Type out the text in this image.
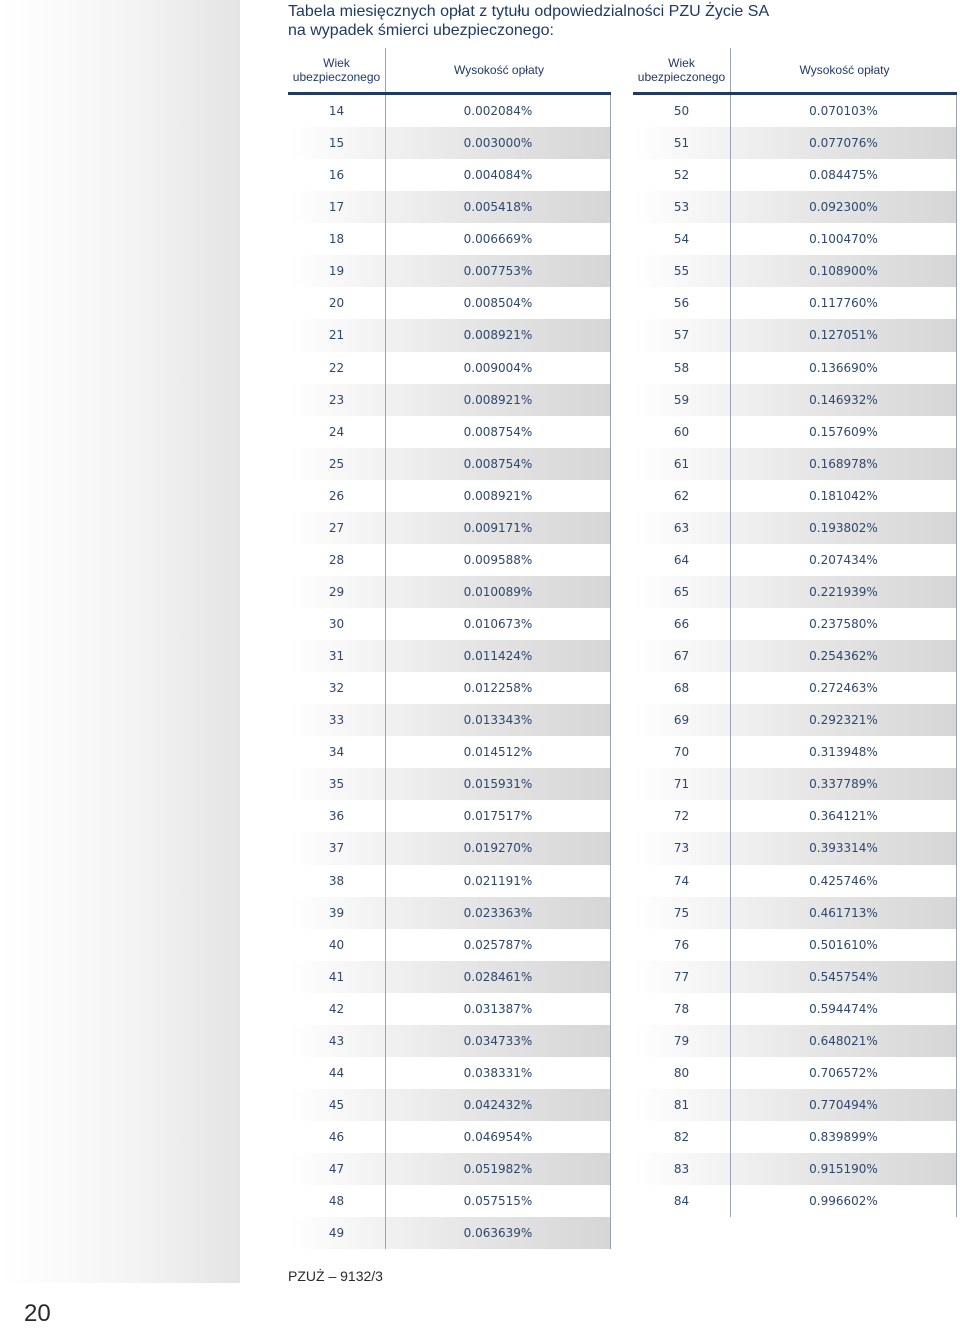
Tabela miesięcznych opłat z tytułu odpowiedzialności PZU Życie SA
na wypadek śmierci ubezpieczonego:
Wiek ubezpieczonego	Wysokość opłaty
14	0.002084%
15	0.003000%
16	0.004084%
17	0.005418%
18	0.006669%
19	0.007753%
20	0.008504%
21	0.008921%
22	0.009004%
23	0.008921%
24	0.008754%
25	0.008754%
26	0.008921%
27	0.009171%
28	0.009588%
29	0.010089%
30	0.010673%
31	0.011424%
32	0.012258%
33	0.013343%
34	0.014512%
35	0.015931%
36	0.017517%
37	0.019270%
38	0.021191%
39	0.023363%
40	0.025787%
41	0.028461%
42	0.031387%
43	0.034733%
44	0.038331%
45	0.042432%
46	0.046954%
47	0.051982%
48	0.057515%
49	0.063639%
Wiek ubezpieczonego	Wysokość opłaty
50	0.070103%
51	0.077076%
52	0.084475%
53	0.092300%
54	0.100470%
55	0.108900%
56	0.117760%
57	0.127051%
58	0.136690%
59	0.146932%
60	0.157609%
61	0.168978%
62	0.181042%
63	0.193802%
64	0.207434%
65	0.221939%
66	0.237580%
67	0.254362%
68	0.272463%
69	0.292321%
70	0.313948%
71	0.337789%
72	0.364121%
73	0.393314%
74	0.425746%
75	0.461713%
76	0.501610%
77	0.545754%
78	0.594474%
79	0.648021%
80	0.706572%
81	0.770494%
82	0.839899%
83	0.915190%
84	0.996602%
PZUŻ – 9132/3
20
